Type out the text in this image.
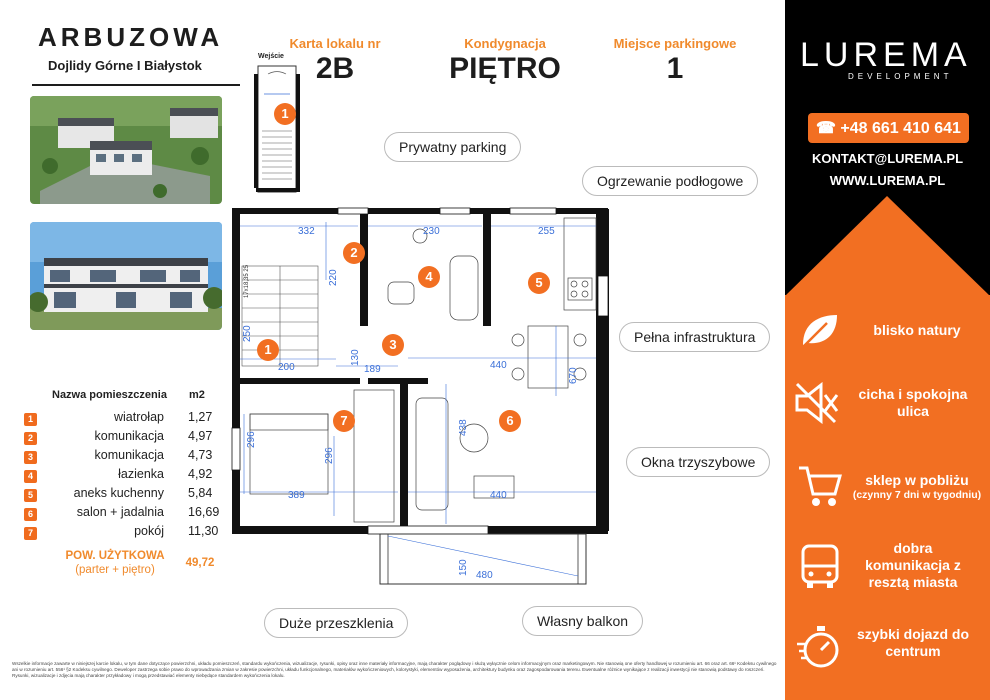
ARBUZOWA
Dojlidy Górne I Białystok
Karta lokalu nr
2B
Kondygnacja
PIĘTRO
Miejsce parkingowe
1
Wejście
17x18,35 25
332	230	255
200	189	440
389	440
480
220
130
438
670
296
296
150
250
1
2
4	5
1	3
7	6
Prywatny parking
Ogrzewanie podłogowe
Pełna infrastruktura
Okna trzyszybowe
Duże przeszklenia	Własny balkon
Nazwa pomieszczenia m2
1	wiatrołap 1,27
2	komunikacja 4,97
3	komunikacja 4,73
4	łazienka 4,92
5	aneks kuchenny 5,84
6	salon + jadalnia 16,69
7	pokój 11,30
POW. UŻYTKOWA
(parter + piętro)
49,72
LUREMA
DEVELOPMENT
☎ +48 661 410 641
KONTAKT@LUREMA.PL
WWW.LUREMA.PL
blisko natury
cicha i spokojna ulica
sklep w pobliżu
(czynny 7 dni w tygodniu)
dobra komunikacja z resztą miasta
szybki dojazd do centrum
Wszelkie informacje zawarte w niniejszej karcie lokalu, w tym dane dotyczące powierzchni, układu pomieszczeń, standardu wykończenia, wizualizacje, rysunki, opisy oraz inne materiały informacyjne, mają charakter poglądowy i służą wyłącznie celom informacyjnym oraz marketingowym. Nie stanowią one oferty handlowej w rozumieniu art. 66 oraz art. 66¹ Kodeksu cywilnego ani w rozumieniu art. 556¹ §2 Kodeksu cywilnego. Deweloper zastrzega sobie prawo do wprowadzania zmian w zakresie powierzchni, układu funkcjonalnego, materiałów wykończeniowych, kolorystyki, elementów wyposażenia, architektury budynku oraz zagospodarowania terenu. Ewentualne różnice wynikające z realizacji inwestycji nie stanowią podstawy do roszczeń. Rysunki, wizualizacje i zdjęcia mają charakter przykładowy i mogą przedstawiać elementy niebędące standardem wykończenia lokalu.
